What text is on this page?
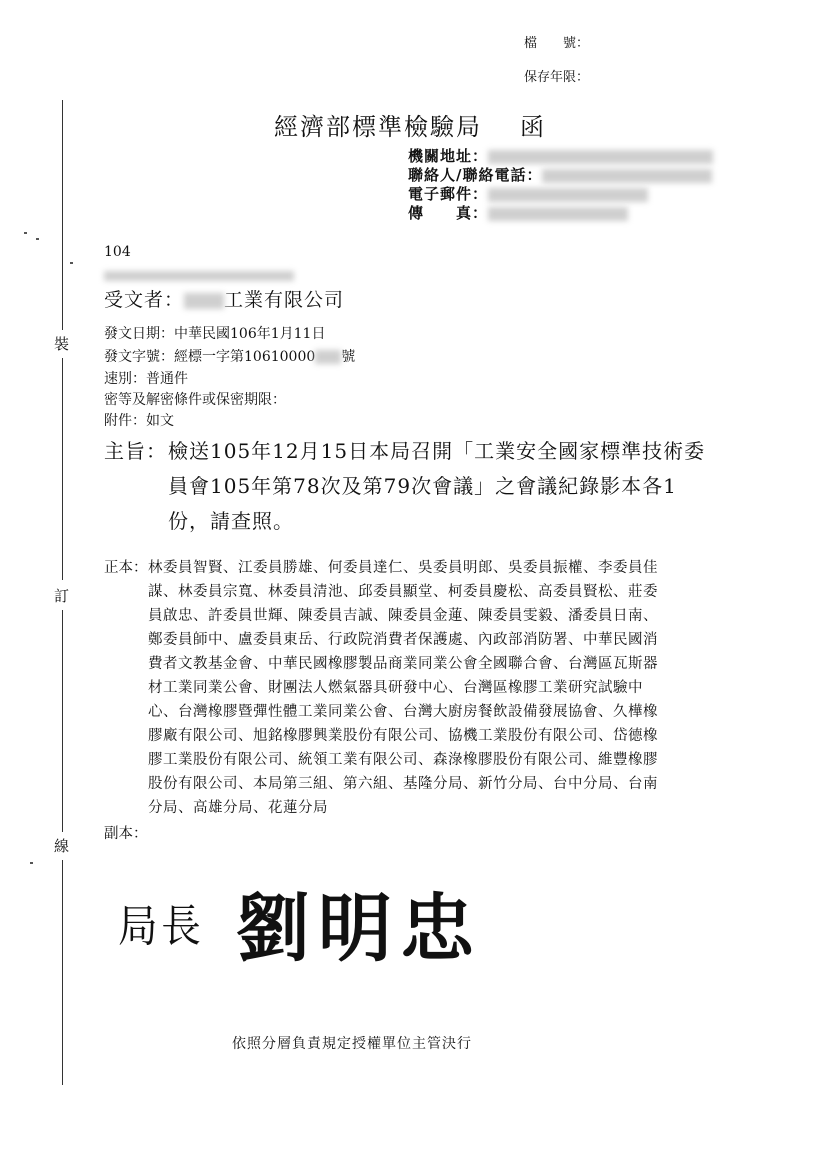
檔　　號：
保存年限：
裝
訂
線
經濟部標準檢驗局 函
機關地址：
聯絡人/聯絡電話：
電子郵件：
傳　　真：
104
受文者： 工業有限公司
發文日期：中華民國106年1月11日
發文字號：經標一字第10610000 號
速別：普通件
密等及解密條件或保密期限：
附件：如文
主旨： 檢送105年12月15日本局召開「工業安全國家標準技術委
員會105年第78次及第79次會議」之會議紀錄影本各1
份，請查照。
正本： 林委員智賢、江委員勝雄、何委員達仁、吳委員明郎、吳委員振權、李委員佳
謀、林委員宗寬、林委員清池、邱委員顯堂、柯委員慶松、高委員賢松、莊委
員啟忠、許委員世輝、陳委員吉誠、陳委員金蓮、陳委員雯毅、潘委員日南、
鄭委員師中、盧委員東岳、行政院消費者保護處、內政部消防署、中華民國消
費者文教基金會、中華民國橡膠製品商業同業公會全國聯合會、台灣區瓦斯器
材工業同業公會、財團法人燃氣器具研發中心、台灣區橡膠工業研究試驗中
心、台灣橡膠暨彈性體工業同業公會、台灣大廚房餐飲設備發展協會、久樺橡
膠廠有限公司、旭銘橡膠興業股份有限公司、協機工業股份有限公司、岱德橡
膠工業股份有限公司、統領工業有限公司、森淥橡膠股份有限公司、維豐橡膠
股份有限公司、本局第三組、第六組、基隆分局、新竹分局、台中分局、台南
分局、高雄分局、花蓮分局
副本：
局長 劉明忠
依照分層負責規定授權單位主管決行
